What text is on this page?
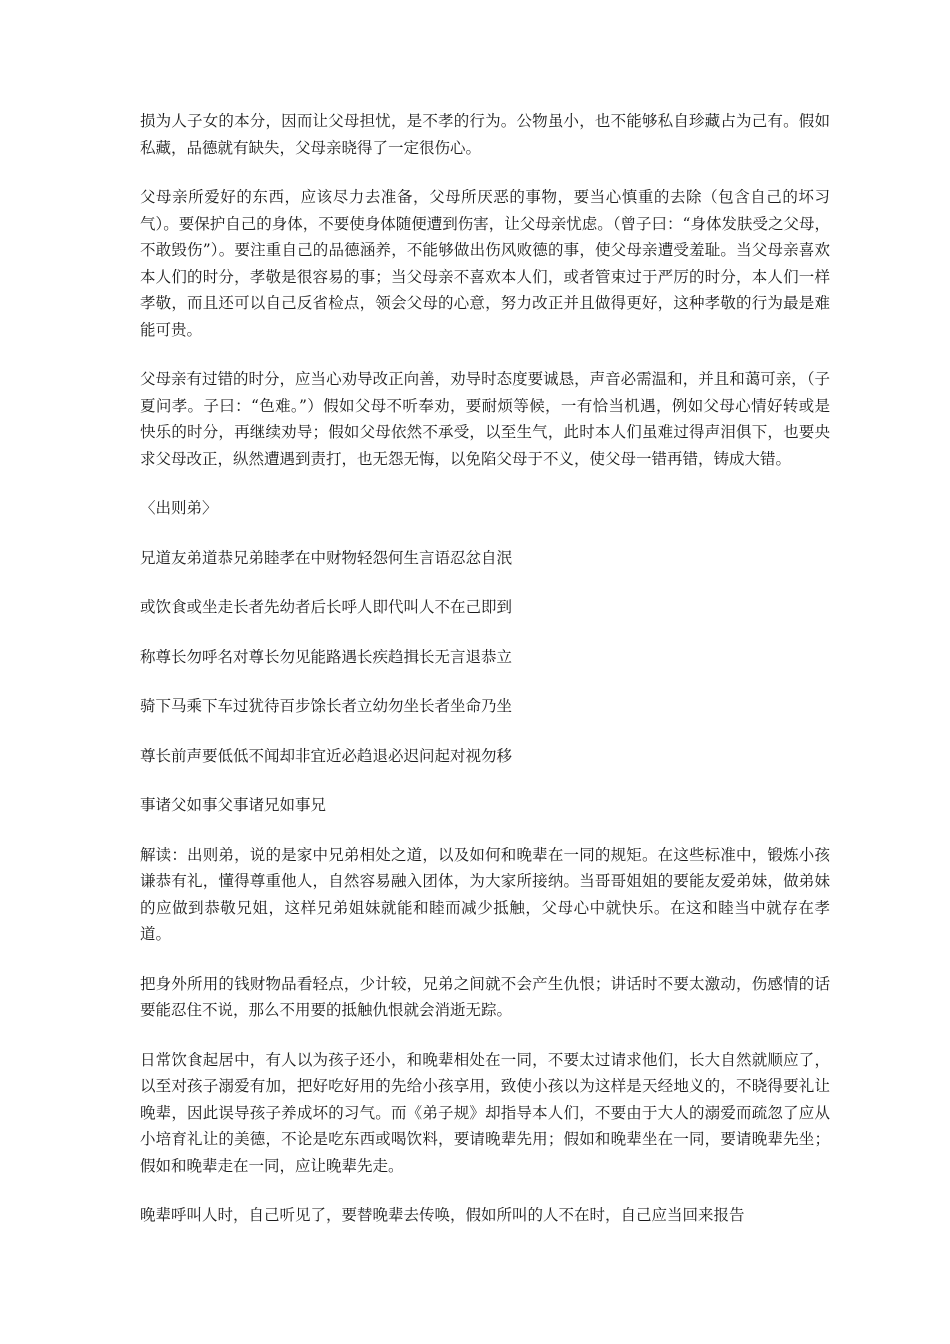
损为人子女的本分，因而让父母担忧，是不孝的行为。公物虽小，也不能够私自珍藏占为己有。假如私藏，品德就有缺失，父母亲晓得了一定很伤心。

父母亲所爱好的东西，应该尽力去准备，父母所厌恶的事物，要当心慎重的去除（包含自己的坏习气）。要保护自己的身体，不要使身体随便遭到伤害，让父母亲忧虑。（曾子曰：“身体发肤受之父母，不敢毁伤”）。要注重自己的品德涵养，不能够做出伤风败德的事，使父母亲遭受羞耻。当父母亲喜欢本人们的时分，孝敬是很容易的事；当父母亲不喜欢本人们，或者管束过于严厉的时分，本人们一样孝敬，而且还可以自己反省检点，领会父母的心意，努力改正并且做得更好，这种孝敬的行为最是难能可贵。

父母亲有过错的时分，应当心劝导改正向善，劝导时态度要诚恳，声音必需温和，并且和蔼可亲，（子夏问孝。子曰：“色难。”）假如父母不听奉劝，要耐烦等候，一有恰当机遇，例如父母心情好转或是快乐的时分，再继续劝导；假如父母依然不承受，以至生气，此时本人们虽难过得声泪俱下，也要央求父母改正，纵然遭遇到责打，也无怨无悔，以免陷父母于不义，使父母一错再错，铸成大错。

〈出则弟〉

兄道友弟道恭兄弟睦孝在中财物轻怨何生言语忍忿自泯

或饮食或坐走长者先幼者后长呼人即代叫人不在己即到

称尊长勿呼名对尊长勿见能路遇长疾趋揖长无言退恭立

骑下马乘下车过犹待百步馀长者立幼勿坐长者坐命乃坐

尊长前声要低低不闻却非宜近必趋退必迟问起对视勿移

事诸父如事父事诸兄如事兄

解读：出则弟，说的是家中兄弟相处之道，以及如何和晚辈在一同的规矩。在这些标准中，锻炼小孩谦恭有礼，懂得尊重他人，自然容易融入团体，为大家所接纳。当哥哥姐姐的要能友爱弟妹，做弟妹的应做到恭敬兄姐，这样兄弟姐妹就能和睦而减少抵触，父母心中就快乐。在这和睦当中就存在孝道。

把身外所用的钱财物品看轻点，少计较，兄弟之间就不会产生仇恨；讲话时不要太激动，伤感情的话要能忍住不说，那么不用要的抵触仇恨就会消逝无踪。

日常饮食起居中，有人以为孩子还小，和晚辈相处在一同，不要太过请求他们，长大自然就顺应了，以至对孩子溺爱有加，把好吃好用的先给小孩享用，致使小孩以为这样是天经地义的，不晓得要礼让晚辈，因此误导孩子养成坏的习气。而《弟子规》却指导本人们，不要由于大人的溺爱而疏忽了应从小培育礼让的美德，不论是吃东西或喝饮料，要请晚辈先用；假如和晚辈坐在一同，要请晚辈先坐；假如和晚辈走在一同，应让晚辈先走。

晚辈呼叫人时，自己听见了，要替晚辈去传唤，假如所叫的人不在时，自己应当回来报告
